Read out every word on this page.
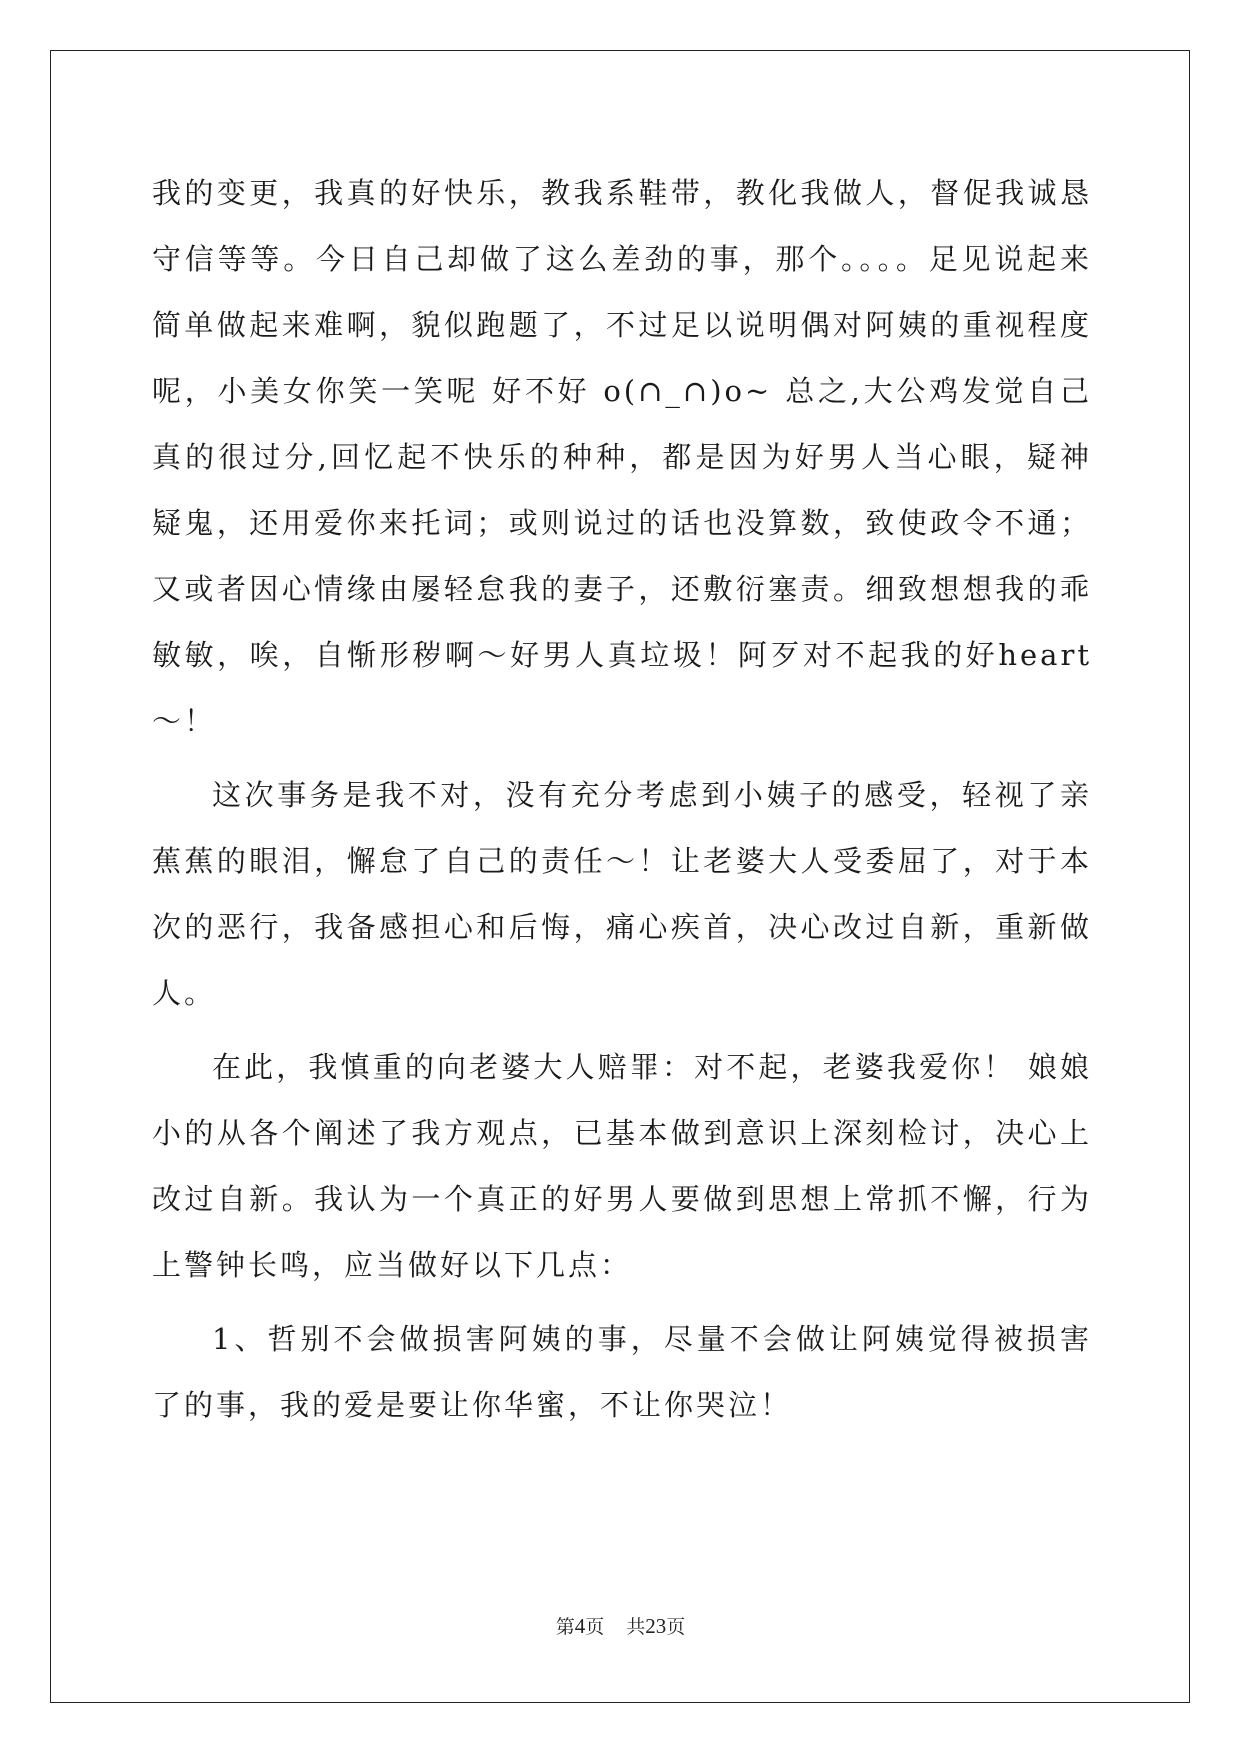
我的变更，我真的好快乐，教我系鞋带，教化我做人，督促我诚恳守信等等。今日自己却做了这么差劲的事，那个。。。。足见说起来简单做起来难啊，貌似跑题了，不过足以说明偶对阿姨的重视程度呢，小美女你笑一笑呢 好不好 o(∩_∩)o~ 总之,大公鸡发觉自己真的很过分,回忆起不快乐的种种，都是因为好男人当心眼，疑神疑鬼，还用爱你来托词；或则说过的话也没算数，致使政令不通；又或者因心情缘由屡轻怠我的妻子，还敷衍塞责。细致想想我的乖敏敏，唉，自惭形秽啊～好男人真垃圾！阿歹对不起我的好heart～！

这次事务是我不对，没有充分考虑到小姨子的感受，轻视了亲蕉蕉的眼泪，懈怠了自己的责任～！让老婆大人受委屈了，对于本次的恶行，我备感担心和后悔，痛心疾首，决心改过自新，重新做人。

在此，我慎重的向老婆大人赔罪：对不起，老婆我爱你！ 娘娘小的从各个阐述了我方观点，已基本做到意识上深刻检讨，决心上改过自新。我认为一个真正的好男人要做到思想上常抓不懈，行为上警钟长鸣，应当做好以下几点：

1、哲别不会做损害阿姨的事，尽量不会做让阿姨觉得被损害了的事，我的爱是要让你华蜜，不让你哭泣！

第4页 共23页
